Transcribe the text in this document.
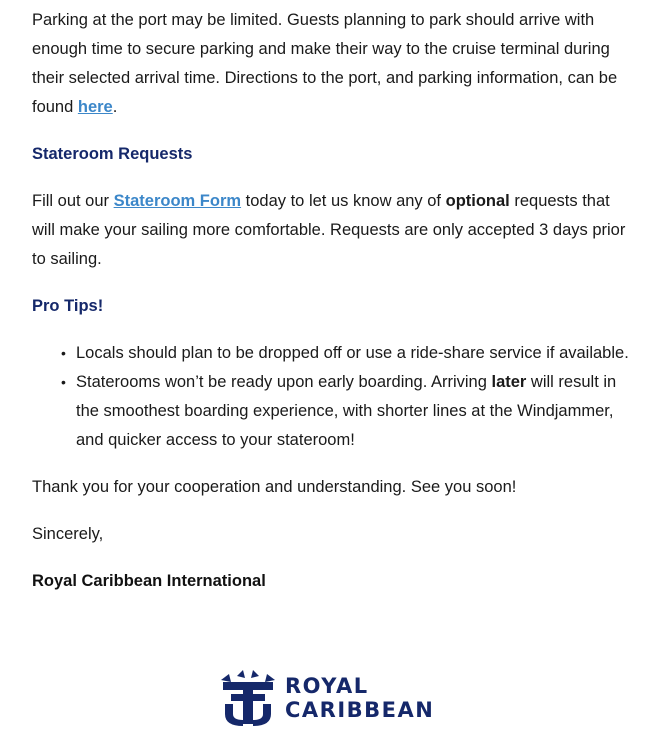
Parking at the port may be limited. Guests planning to park should arrive with enough time to secure parking and make their way to the cruise terminal during their selected arrival time. Directions to the port, and parking information, can be found here.

Stateroom Requests

Fill out our Stateroom Form today to let us know any of optional requests that will make your sailing more comfortable. Requests are only accepted 3 days prior to sailing.

Pro Tips!
• Locals should plan to be dropped off or use a ride-share service if available.
• Staterooms won’t be ready upon early boarding. Arriving later will result in the smoothest boarding experience, with shorter lines at the Windjammer, and quicker access to your stateroom!

Thank you for your cooperation and understanding. See you soon!

Sincerely,

Royal Caribbean International

ROYAL
CARIBBEAN
